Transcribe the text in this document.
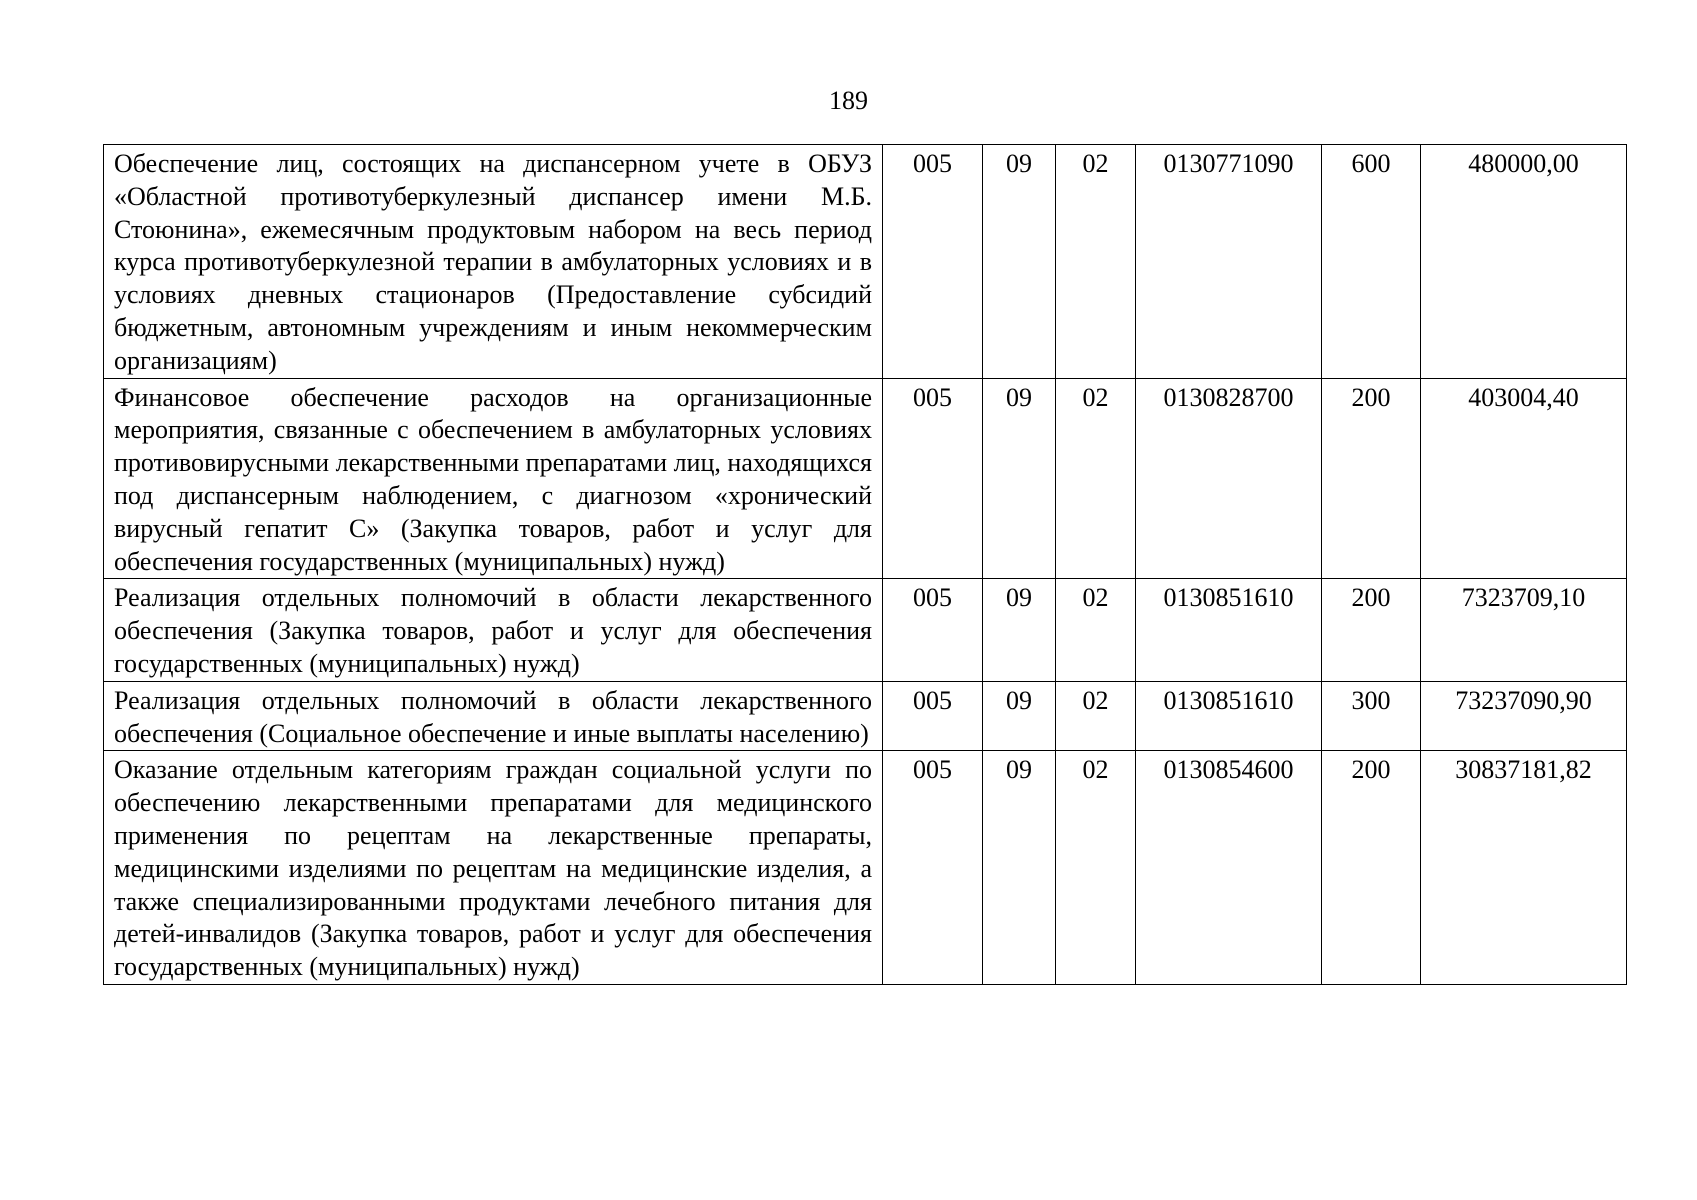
189
Обеспечение лиц, состоящих на диспансерном учете в ОБУЗ «Областной противотуберкулезный диспансер имени М.Б. Стоюнина», ежемесячным продуктовым набором на весь период курса противотуберкулезной терапии в амбулаторных условиях и в условиях дневных стационаров (Предоставление субсидий бюджетным, автономным учреждениям и иным некоммерческим организациям)	005	09	02	0130771090	600	480000,00
Финансовое обеспечение расходов на организационные мероприятия, связанные с обеспечением в амбулаторных условиях противовирусными лекарственными препаратами лиц, находящихся под диспансерным наблюдением, с диагнозом «хронический вирусный гепатит С» (Закупка товаров, работ и услуг для обеспечения государственных (муниципальных) нужд)	005	09	02	0130828700	200	403004,40
Реализация отдельных полномочий в области лекарственного обеспечения (Закупка товаров, работ и услуг для обеспечения государственных (муниципальных) нужд)	005	09	02	0130851610	200	7323709,10
Реализация отдельных полномочий в области лекарственного обеспечения (Социальное обеспечение и иные выплаты населению)	005	09	02	0130851610	300	73237090,90
Оказание отдельным категориям граждан социальной услуги по обеспечению лекарственными препаратами для медицинского применения по рецептам на лекарственные препараты, медицинскими изделиями по рецептам на медицинские изделия, а также специализированными продуктами лечебного питания для детей-инвалидов (Закупка товаров, работ и услуг для обеспечения государственных (муниципальных) нужд)	005	09	02	0130854600	200	30837181,82
